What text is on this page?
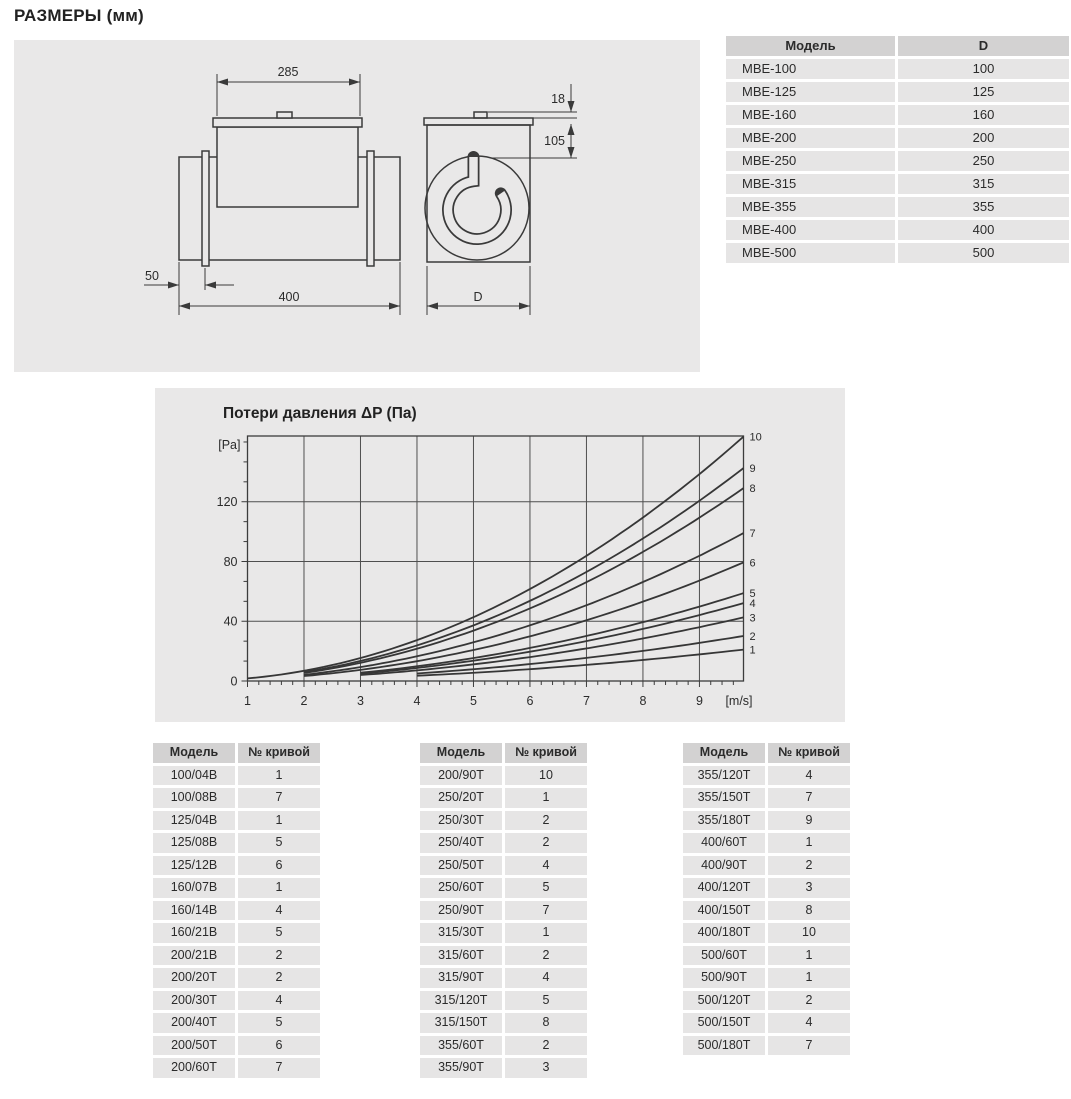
РАЗМЕРЫ (мм)
285
50
400
18
105
D
Модель	D
МВЕ-100	100
МВЕ-125	125
МВЕ-160	160
МВЕ-200	200
МВЕ-250	250
МВЕ-315	315
МВЕ-355	355
МВЕ-400	400
МВЕ-500	500
Потери давления ΔP (Па)
1	2	3	4	5	6	7	8	9 [m/s]
0
40
80
120
[Pa]
1
2
3
4
5
6
7
8
9
10
Модель	№ кривой
100/04B	1
100/08B	7
125/04B	1
125/08B	5
125/12B	6
160/07B	1
160/14B	4
160/21B	5
200/21B	2
200/20T	2
200/30T	4
200/40T	5
200/50T	6
200/60T	7
Модель	№ кривой
200/90T	10
250/20T	1
250/30T	2
250/40T	2
250/50T	4
250/60T	5
250/90T	7
315/30T	1
315/60T	2
315/90T	4
315/120T	5
315/150T	8
355/60T	2
355/90T	3
Модель	№ кривой
355/120T	4
355/150T	7
355/180T	9
400/60T	1
400/90T	2
400/120T	3
400/150T	8
400/180T	10
500/60T	1
500/90T	1
500/120T	2
500/150T	4
500/180T	7
